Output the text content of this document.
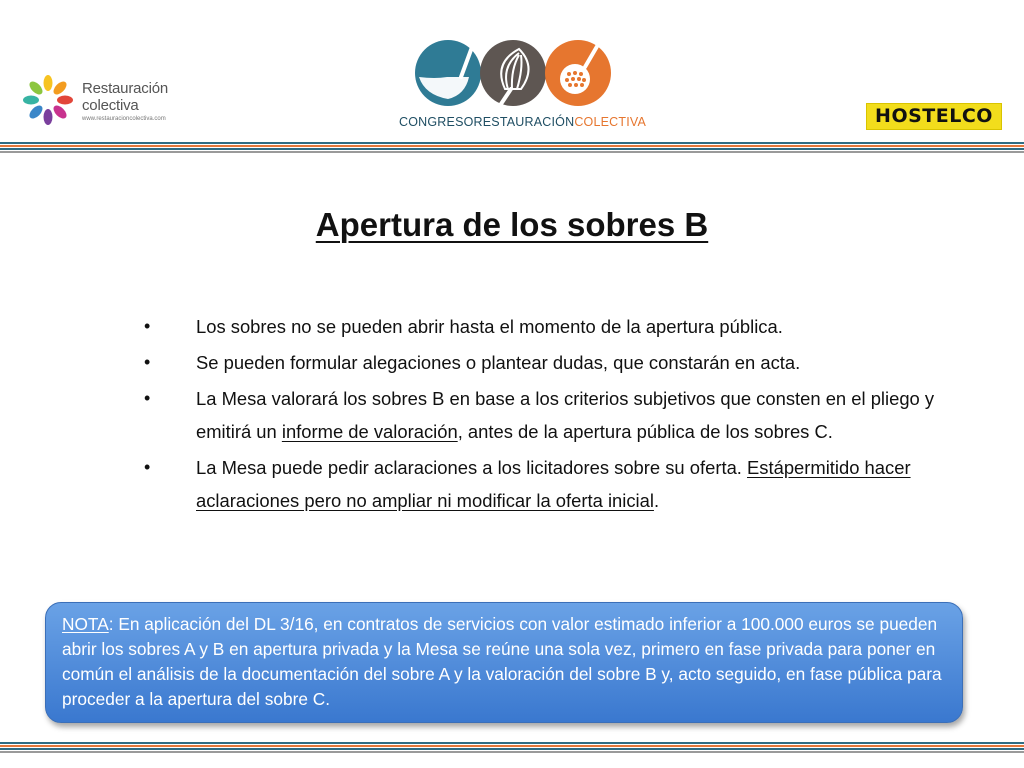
Restauración
colectiva
www.restauracioncolectiva.com	CONGRESORESTAURACIÓNCOLECTIVA	HOSTELCO
Apertura de los sobres B
• Los sobres no se pueden abrir hasta el momento de la apertura pública.
• Se pueden formular alegaciones o plantear dudas, que constarán en acta.
• La Mesa valorará los sobres B en base a los criterios subjetivos que consten en el pliego y emitirá un informe de valoración, antes de la apertura pública de los sobres C.
• La Mesa puede pedir aclaraciones a los licitadores sobre su oferta. Estápermitido hacer aclaraciones pero no ampliar ni modificar la oferta inicial.
NOTA: En aplicación del DL 3/16, en contratos de servicios con valor estimado inferior a 100.000 euros se pueden abrir los sobres A y B en apertura privada y la Mesa se reúne una sola vez, primero en fase privada para poner en común el análisis de la documentación del sobre A y la valoración del sobre B y, acto seguido, en fase pública para proceder a la apertura del sobre C.
